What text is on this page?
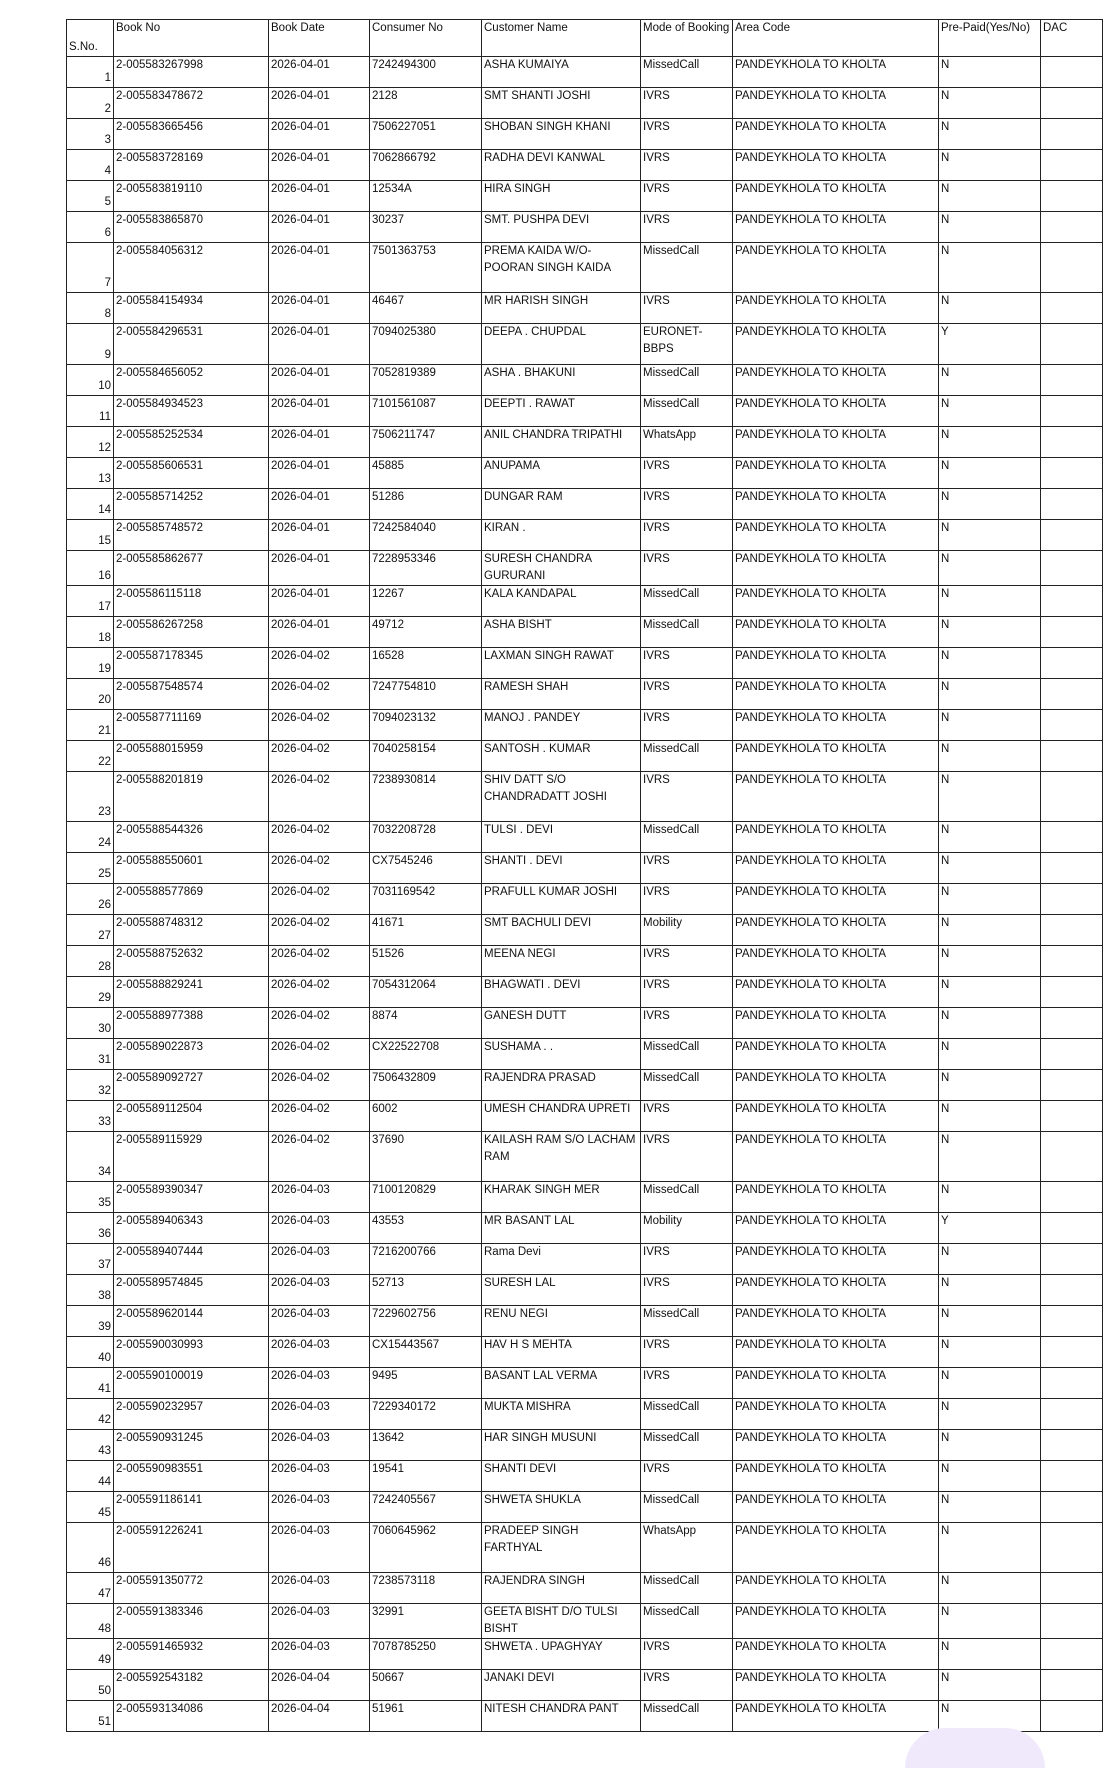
S.No.	Book No	Book Date	Consumer No	Customer Name	Mode of Booking	Area Code	Pre-Paid(Yes/No)	DAC
1	2-005583267998	2026-04-01	7242494300	ASHA KUMAIYA	MissedCall	PANDEYKHOLA TO KHOLTA	N	
2	2-005583478672	2026-04-01	2128	SMT SHANTI JOSHI	IVRS	PANDEYKHOLA TO KHOLTA	N	
3	2-005583665456	2026-04-01	7506227051	SHOBAN SINGH KHANI	IVRS	PANDEYKHOLA TO KHOLTA	N	
4	2-005583728169	2026-04-01	7062866792	RADHA DEVI KANWAL	IVRS	PANDEYKHOLA TO KHOLTA	N	
5	2-005583819110	2026-04-01	12534A	HIRA SINGH	IVRS	PANDEYKHOLA TO KHOLTA	N	
6	2-005583865870	2026-04-01	30237	SMT. PUSHPA DEVI	IVRS	PANDEYKHOLA TO KHOLTA	N	
7	2-005584056312	2026-04-01	7501363753	PREMA KAIDA W/O-POORAN SINGH KAIDA	MissedCall	PANDEYKHOLA TO KHOLTA	N	
8	2-005584154934	2026-04-01	46467	MR HARISH SINGH	IVRS	PANDEYKHOLA TO KHOLTA	N	
9	2-005584296531	2026-04-01	7094025380	DEEPA . CHUPDAL	EURONET-BBPS	PANDEYKHOLA TO KHOLTA	Y	
10	2-005584656052	2026-04-01	7052819389	ASHA . BHAKUNI	MissedCall	PANDEYKHOLA TO KHOLTA	N	
11	2-005584934523	2026-04-01	7101561087	DEEPTI . RAWAT	MissedCall	PANDEYKHOLA TO KHOLTA	N	
12	2-005585252534	2026-04-01	7506211747	ANIL CHANDRA TRIPATHI	WhatsApp	PANDEYKHOLA TO KHOLTA	N	
13	2-005585606531	2026-04-01	45885	ANUPAMA	IVRS	PANDEYKHOLA TO KHOLTA	N	
14	2-005585714252	2026-04-01	51286	DUNGAR RAM	IVRS	PANDEYKHOLA TO KHOLTA	N	
15	2-005585748572	2026-04-01	7242584040	KIRAN .	IVRS	PANDEYKHOLA TO KHOLTA	N	
16	2-005585862677	2026-04-01	7228953346	SURESH CHANDRA GURURANI	IVRS	PANDEYKHOLA TO KHOLTA	N	
17	2-005586115118	2026-04-01	12267	KALA KANDAPAL	MissedCall	PANDEYKHOLA TO KHOLTA	N	
18	2-005586267258	2026-04-01	49712	ASHA BISHT	MissedCall	PANDEYKHOLA TO KHOLTA	N	
19	2-005587178345	2026-04-02	16528	LAXMAN SINGH RAWAT	IVRS	PANDEYKHOLA TO KHOLTA	N	
20	2-005587548574	2026-04-02	7247754810	RAMESH SHAH	IVRS	PANDEYKHOLA TO KHOLTA	N	
21	2-005587711169	2026-04-02	7094023132	MANOJ . PANDEY	IVRS	PANDEYKHOLA TO KHOLTA	N	
22	2-005588015959	2026-04-02	7040258154	SANTOSH . KUMAR	MissedCall	PANDEYKHOLA TO KHOLTA	N	
23	2-005588201819	2026-04-02	7238930814	SHIV DATT S/O CHANDRADATT JOSHI	IVRS	PANDEYKHOLA TO KHOLTA	N	
24	2-005588544326	2026-04-02	7032208728	TULSI . DEVI	MissedCall	PANDEYKHOLA TO KHOLTA	N	
25	2-005588550601	2026-04-02	CX7545246	SHANTI . DEVI	IVRS	PANDEYKHOLA TO KHOLTA	N	
26	2-005588577869	2026-04-02	7031169542	PRAFULL KUMAR JOSHI	IVRS	PANDEYKHOLA TO KHOLTA	N	
27	2-005588748312	2026-04-02	41671	SMT BACHULI DEVI	Mobility	PANDEYKHOLA TO KHOLTA	N	
28	2-005588752632	2026-04-02	51526	MEENA NEGI	IVRS	PANDEYKHOLA TO KHOLTA	N	
29	2-005588829241	2026-04-02	7054312064	BHAGWATI . DEVI	IVRS	PANDEYKHOLA TO KHOLTA	N	
30	2-005588977388	2026-04-02	8874	GANESH DUTT	IVRS	PANDEYKHOLA TO KHOLTA	N	
31	2-005589022873	2026-04-02	CX22522708	SUSHAMA . .	MissedCall	PANDEYKHOLA TO KHOLTA	N	
32	2-005589092727	2026-04-02	7506432809	RAJENDRA PRASAD	MissedCall	PANDEYKHOLA TO KHOLTA	N	
33	2-005589112504	2026-04-02	6002	UMESH CHANDRA UPRETI	IVRS	PANDEYKHOLA TO KHOLTA	N	
34	2-005589115929	2026-04-02	37690	KAILASH RAM S/O LACHAM RAM	IVRS	PANDEYKHOLA TO KHOLTA	N	
35	2-005589390347	2026-04-03	7100120829	KHARAK SINGH MER	MissedCall	PANDEYKHOLA TO KHOLTA	N	
36	2-005589406343	2026-04-03	43553	MR BASANT LAL	Mobility	PANDEYKHOLA TO KHOLTA	Y	
37	2-005589407444	2026-04-03	7216200766	Rama Devi	IVRS	PANDEYKHOLA TO KHOLTA	N	
38	2-005589574845	2026-04-03	52713	SURESH LAL	IVRS	PANDEYKHOLA TO KHOLTA	N	
39	2-005589620144	2026-04-03	7229602756	RENU NEGI	MissedCall	PANDEYKHOLA TO KHOLTA	N	
40	2-005590030993	2026-04-03	CX15443567	HAV H S MEHTA	IVRS	PANDEYKHOLA TO KHOLTA	N	
41	2-005590100019	2026-04-03	9495	BASANT LAL VERMA	IVRS	PANDEYKHOLA TO KHOLTA	N	
42	2-005590232957	2026-04-03	7229340172	MUKTA MISHRA	MissedCall	PANDEYKHOLA TO KHOLTA	N	
43	2-005590931245	2026-04-03	13642	HAR SINGH MUSUNI	MissedCall	PANDEYKHOLA TO KHOLTA	N	
44	2-005590983551	2026-04-03	19541	SHANTI DEVI	IVRS	PANDEYKHOLA TO KHOLTA	N	
45	2-005591186141	2026-04-03	7242405567	SHWETA SHUKLA	MissedCall	PANDEYKHOLA TO KHOLTA	N	
46	2-005591226241	2026-04-03	7060645962	PRADEEP SINGH FARTHYAL	WhatsApp	PANDEYKHOLA TO KHOLTA	N	
47	2-005591350772	2026-04-03	7238573118	RAJENDRA SINGH	MissedCall	PANDEYKHOLA TO KHOLTA	N	
48	2-005591383346	2026-04-03	32991	GEETA BISHT D/O TULSI BISHT	MissedCall	PANDEYKHOLA TO KHOLTA	N	
49	2-005591465932	2026-04-03	7078785250	SHWETA . UPAGHYAY	IVRS	PANDEYKHOLA TO KHOLTA	N	
50	2-005592543182	2026-04-04	50667	JANAKI DEVI	IVRS	PANDEYKHOLA TO KHOLTA	N	
51	2-005593134086	2026-04-04	51961	NITESH CHANDRA PANT	MissedCall	PANDEYKHOLA TO KHOLTA	N	
